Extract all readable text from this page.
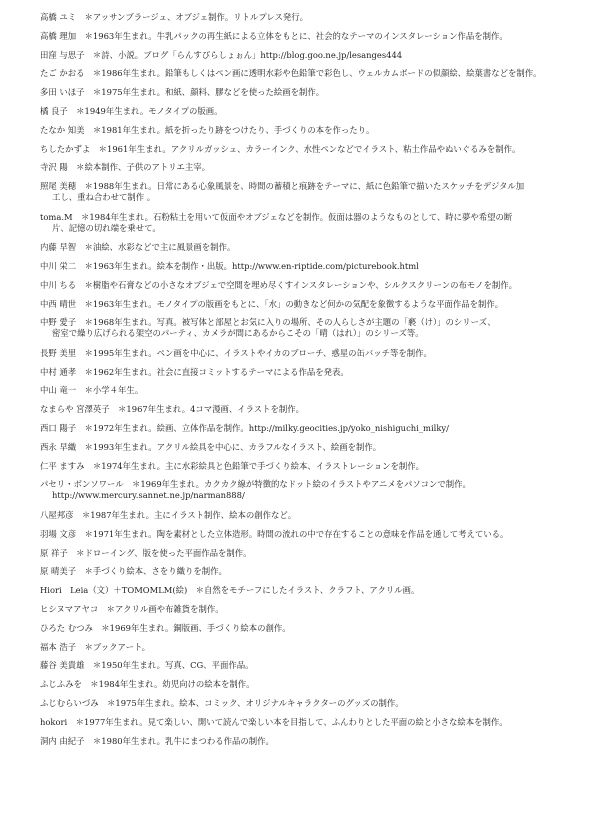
高橋 ユミ　＊アッサンブラージュ、オブジェ制作。リトルプレス発行。
高橋 理加　＊1963年生まれ。牛乳パックの再生紙による立体をもとに、社会的なテーマのインスタレーション作品を制作。
田窪 与思子　＊詩、小説。ブログ「らんすぴらしょぉん」http://blog.goo.ne.jp/lesanges444
たご かおる　＊1986年生まれ。鉛筆もしくはペン画に透明水彩や色鉛筆で彩色し、ウェルカムボードの似顔絵、絵葉書などを制作。
多田 いほ子　＊1975年生まれ。和紙、顔料、膠などを使った絵画を制作。
橘 良子　＊1949年生まれ。モノタイプの版画。
たなか 知美　＊1981年生まれ。紙を折ったり跡をつけたり、手づくりの本を作ったり。
ちしたかずよ　＊1961年生まれ。アクリルガッシュ、カラーインク、水性ペンなどでイラスト、粘土作品やぬいぐるみを制作。
寺沢 陽　＊絵本制作、子供のアトリエ主宰。
照尾 美穂　＊1988年生まれ。日常にある心象風景を、時間の蓄積と痕跡をテーマに、紙に色鉛筆で描いたスケッチをデジタル加
工し、重ね合わせて制作 。
toma.M　＊1984年生まれ。石粉粘土を用いて仮面やオブジェなどを制作。仮面は器のようなものとして、時に夢や希望の断
片、記憶の切れ端を乗せて。
内藤 早智　＊油絵、水彩などで主に風景画を制作。
中川 栄二　＊1963年生まれ。絵本を制作・出版。http://www.en-riptide.com/picturebook.html
中川 ちる　＊樹脂や石膏などの小さなオブジェで空間を埋め尽くすインスタレーションや、シルクスクリーンの布モノを制作。
中西 晴世　＊1963年生まれ。モノタイプの版画をもとに、「水」の動きなど何かの気配を象徴するような平面作品を制作。
中野 愛子　＊1968年生まれ。写真。被写体と部屋とお気に入りの場所、その人らしさが主題の「褻（け）」のシリーズ、
密室で繰り広げられる架空のパーティ、カメラが間にあるからこその「晴（はれ）」のシリーズ等。
長野 美里　＊1995年生まれ。ペン画を中心に、イラストやイカのブローチ、惑星の缶バッチ等を制作。
中村 通孝　＊1962年生まれ。社会に直接コミットするテーマによる作品を発表。
中山 竜一　＊小学４年生。
なまらや 宮澤英子　＊1967年生まれ。4コマ漫画、イラストを制作。
西口 陽子　＊1972年生まれ。絵画、立体作品を制作。http://milky.geocities.jp/yoko_nishiguchi_milky/
西永 早織　＊1993年生まれ。アクリル絵具を中心に、カラフルなイラスト、絵画を制作。
仁平 ますみ　＊1974年生まれ。主に水彩絵具と色鉛筆で手づくり絵本、イラストレーションを制作。
パセリ・ボンソワール　＊1969年生まれ。カクカク線が特徴的なドット絵のイラストやアニメをパソコンで制作。
http://www.mercury.sannet.ne.jp/narman888/
八屋邦彦　＊1987年生まれ。主にイラスト制作、絵本の創作など。
羽場 文彦　＊1971年生まれ。陶を素材とした立体造形。時間の流れの中で存在することの意味を作品を通して考えている。
原 祥子　＊ドローイング、版を使った平面作品を制作。
原 晴美子　＊手づくり絵本、さをり織りを制作。
Hiori　Leia（文）＋TOMOMLM(絵)　＊自然をモチーフにしたイラスト、クラフト、アクリル画。
ヒシヌマアヤコ　＊アクリル画や布雑貨を制作。
ひろた むつみ　＊1969年生まれ。銅版画、手づくり絵本の創作。
福本 浩子　＊ブックアート。
藤谷 美貴雄　＊1950年生まれ。写真、CG、平面作品。
ふじふみを　＊1984年生まれ。幼児向けの絵本を制作。
ふじむらいづみ　＊1975年生まれ。絵本、コミック、オリジナルキャラクターのグッズの制作。
hokori　＊1977年生まれ。見て楽しい、開いて読んで楽しい本を目指して、ふんわりとした平面の絵と小さな絵本を制作。
洞内 由紀子　＊1980年生まれ。乳牛にまつわる作品の制作。
